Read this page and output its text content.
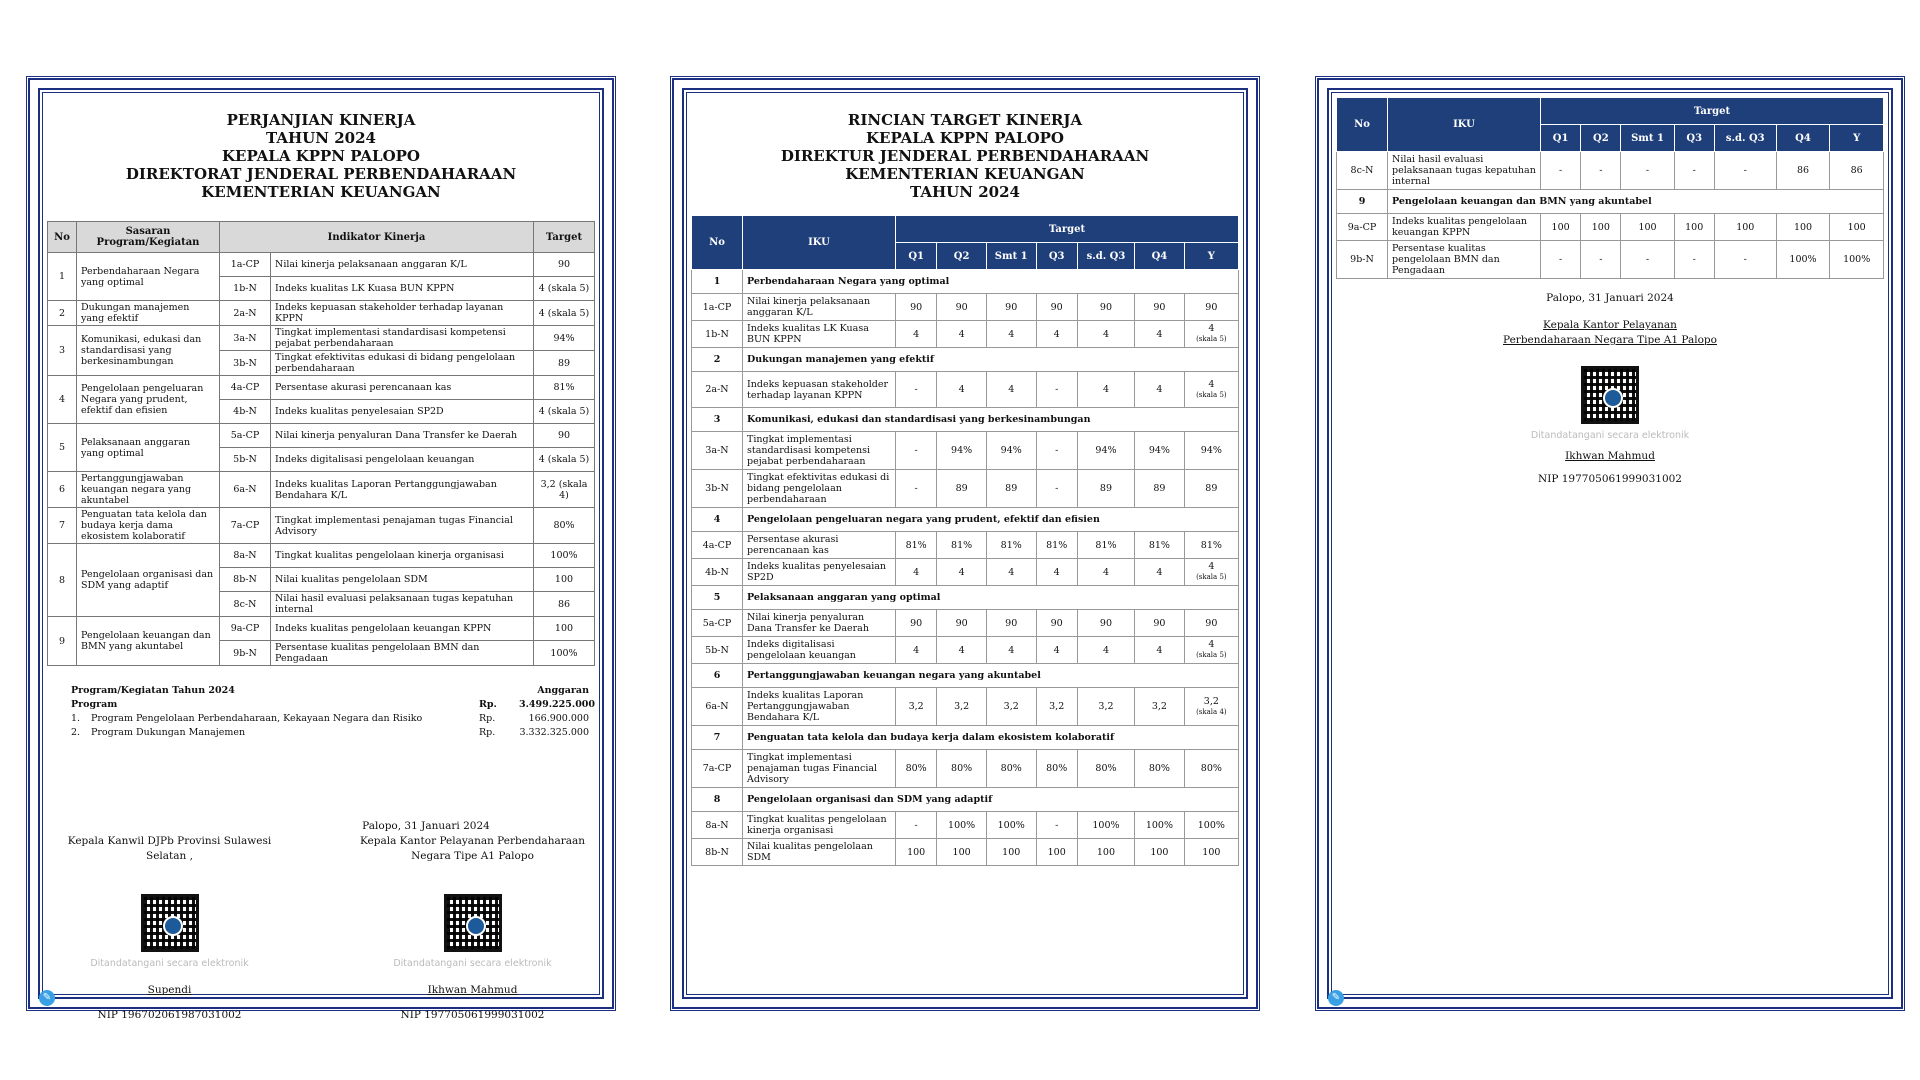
PERJANJIAN KINERJA
TAHUN 2024
KEPALA KPPN PALOPO
DIREKTORAT JENDERAL PERBENDAHARAAN
KEMENTERIAN KEUANGAN
No	Sasaran Program/Kegiatan	Indikator Kinerja		Target
1	Perbendaharaan Negara yang optimal	1a-CP	Nilai kinerja pelaksanaan anggaran K/L	90
		1b-N	Indeks kualitas LK Kuasa BUN KPPN	4 (skala 5)
2	Dukungan manajemen yang efektif	2a-N	Indeks kepuasan stakeholder terhadap layanan KPPN	4 (skala 5)
3	Komunikasi, edukasi dan standardisasi yang berkesinambungan	3a-N	Tingkat implementasi standardisasi kompetensi pejabat perbendaharaan	94%
		3b-N	Tingkat efektivitas edukasi di bidang pengelolaan perbendaharaan	89
4	Pengelolaan pengeluaran Negara yang prudent, efektif dan efisien	4a-CP	Persentase akurasi perencanaan kas	81%
		4b-N	Indeks kualitas penyelesaian SP2D	4 (skala 5)
5	Pelaksanaan anggaran yang optimal	5a-CP	Nilai kinerja penyaluran Dana Transfer ke Daerah	90
		5b-N	Indeks digitalisasi pengelolaan keuangan	4 (skala 5)
6	Pertanggungjawaban keuangan negara yang akuntabel	6a-N	Indeks kualitas Laporan Pertanggungjawaban Bendahara K/L	3,2 (skala 4)
7	Penguatan tata kelola dan budaya kerja dama ekosistem kolaboratif	7a-CP	Tingkat implementasi penajaman tugas Financial Advisory	80%
8	Pengelolaan organisasi dan SDM yang adaptif	8a-N	Tingkat kualitas pengelolaan kinerja organisasi	100%
		8b-N	Nilai kualitas pengelolaan SDM	100
		8c-N	Nilai hasil evaluasi pelaksanaan tugas kepatuhan internal	86
9	Pengelolaan keuangan dan BMN yang akuntabel	9a-CP	Indeks kualitas pengelolaan keuangan KPPN	100
		9b-N	Persentase kualitas pengelolaan BMN dan Pengadaan	100%
Program/Kegiatan Tahun 2024	Anggaran
Program	Rp.	3.499.225.000
1.	Program Pengelolaan Perbendaharaan, Kekayaan Negara dan Risiko	Rp.	166.900.000
2.	Program Dukungan Manajemen	Rp.	3.332.325.000
Palopo, 31 Januari 2024
Kepala Kanwil DJPb Provinsi Sulawesi Selatan ,
Ditandatangani secara elektronik
Supendi
NIP 196702061987031002
Kepala Kantor Pelayanan Perbendaharaan Negara Tipe A1 Palopo
Ditandatangani secara elektronik
Ikhwan Mahmud
NIP 197705061999031002
✎
RINCIAN TARGET KINERJA
KEPALA KPPN PALOPO
DIREKTUR JENDERAL PERBENDAHARAAN
KEMENTERIAN KEUANGAN
TAHUN 2024
No	IKU	Target						
		Q1	Q2	Smt 1	Q3	s.d. Q3	Q4	Y
1	Perbendaharaan Negara yang optimal							
1a-CP	Nilai kinerja pelaksanaan anggaran K/L	90	90	90	90	90	90	90
1b-N	Indeks kualitas LK Kuasa BUN KPPN	4	4	4	4	4	4	4
(skala 5)

2	Dukungan manajemen yang efektif							
2a-N	Indeks kepuasan stakeholder terhadap layanan KPPN	-	4	4	-	4	4	4
(skala 5)

3	Komunikasi, edukasi dan standardisasi yang berkesinambungan							
3a-N	Tingkat implementasi standardisasi kompetensi pejabat perbendaharaan	-	94%	94%	-	94%	94%	94%
3b-N	Tingkat efektivitas edukasi di bidang pengelolaan perbendaharaan	-	89	89	-	89	89	89
4	Pengelolaan pengeluaran negara yang prudent, efektif dan efisien							
4a-CP	Persentase akurasi perencanaan kas	81%	81%	81%	81%	81%	81%	81%
4b-N	Indeks kualitas penyelesaian SP2D	4	4	4	4	4	4	4
(skala 5)

5	Pelaksanaan anggaran yang optimal							
5a-CP	Nilai kinerja penyaluran Dana Transfer ke Daerah	90	90	90	90	90	90	90
5b-N	Indeks digitalisasi pengelolaan keuangan	4	4	4	4	4	4	4
(skala 5)

6	Pertanggungjawaban keuangan negara yang akuntabel							
6a-N	Indeks kualitas Laporan Pertanggungjawaban Bendahara K/L	3,2	3,2	3,2	3,2	3,2	3,2	3,2
(skala 4)

7	Penguatan tata kelola dan budaya kerja dalam ekosistem kolaboratif							
7a-CP	Tingkat implementasi penajaman tugas Financial Advisory	80%	80%	80%	80%	80%	80%	80%
8	Pengelolaan organisasi dan SDM yang adaptif							
8a-N	Tingkat kualitas pengelolaan kinerja organisasi	-	100%	100%	-	100%	100%	100%
8b-N	Nilai kualitas pengelolaan SDM	100	100	100	100	100	100	100
No	IKU	Target						
		Q1	Q2	Smt 1	Q3	s.d. Q3	Q4	Y
8c-N	Nilai hasil evaluasi pelaksanaan tugas kepatuhan internal	-	-	-	-	-	86	86
9	Pengelolaan keuangan dan BMN yang akuntabel							
9a-CP	Indeks kualitas pengelolaan keuangan KPPN	100	100	100	100	100	100	100
9b-N	Persentase kualitas pengelolaan BMN dan Pengadaan	-	-	-	-	-	100%	100%
Palopo, 31 Januari 2024
Kepala Kantor Pelayanan Perbendaharaan Negara Tipe A1 Palopo
Ditandatangani secara elektronik
Ikhwan Mahmud
NIP 197705061999031002
✎
